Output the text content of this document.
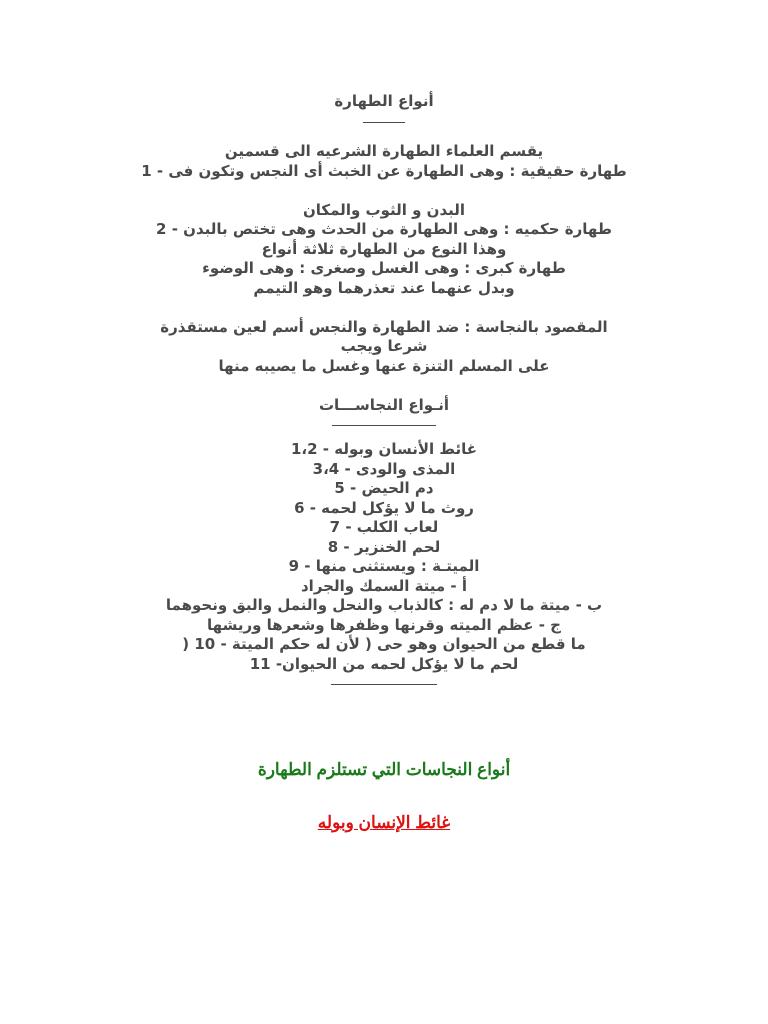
أنواع الطهارة
يقسم العلماء الطهارة الشرعيه الى قسمين
طهارة حقيقية : وهى الطهارة عن الخبث أى النجس وتكون فى - 1
البدن و الثوب والمكان
طهارة حكميه : وهى الطهارة من الحدث وهى تختص بالبدن - 2
وهذا النوع من الطهارة ثلاثة أنواع
طهارة كبرى : وهى الغسل وصغرى : وهى الوضوء
وبدل عنهما عند تعذرهما وهو التيمم
المقصود بالنجاسة : ضد الطهارة والنجس أسم لعين مستقذرة
شرعا ويجب
على المسلم التنزة عنها وغسل ما يصيبه منها
أنـواع النجاســـات
غائط الأنسان وبوله - 1،2
المذى والودى - 3،4
دم الحيض - 5
روث ما لا يؤكل لحمه - 6
لعاب الكلب - 7
لحم الخنزير - 8
الميتـة : ويستثنى منها - 9
أ - ميتة السمك والجراد
ب - ميتة ما لا دم له : كالذباب والنحل والنمل والبق ونحوهما
ج - عظم الميته وقرنها وظفرها وشعرها وريشها
ما قطع من الحيوان وهو حى ( لأن له حكم الميتة - 10 (
لحم ما لا يؤكل لحمه من الحيوان- 11
أنواع النجاسات التي تستلزم الطهارة
غائط الإنسان وبوله
